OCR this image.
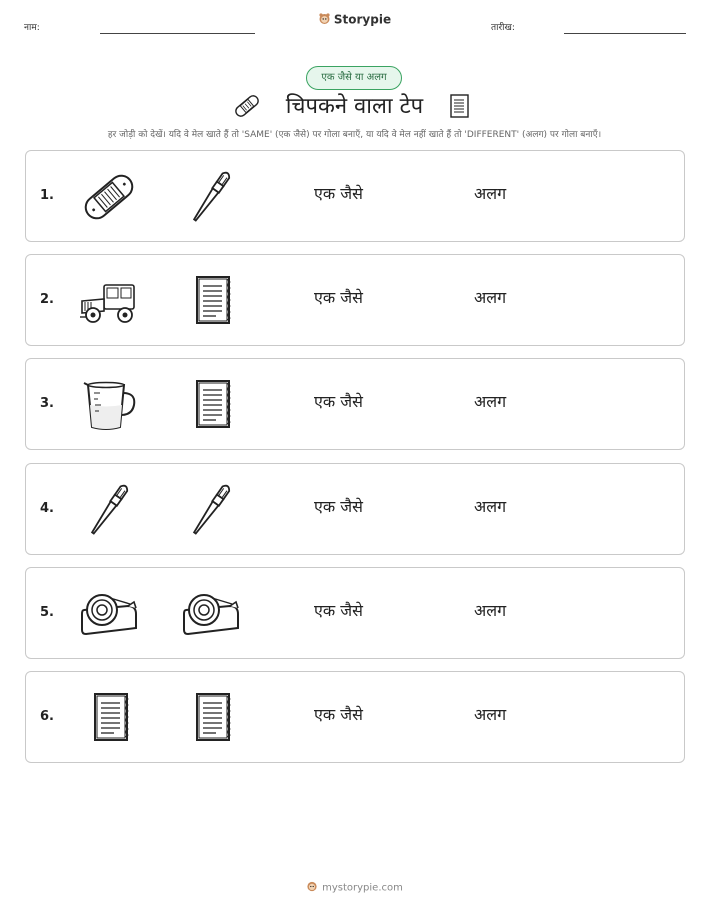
नाम:
Storypie
तारीख:
एक जैसे या अलग
चिपकने वाला टेप
हर जोड़ी को देखें। यदि वे मेल खाते हैं तो 'SAME' (एक जैसे) पर गोला बनाएँ, या यदि वे मेल नहीं खाते हैं तो 'DIFFERENT' (अलग) पर गोला बनाएँ।
1.	एक जैसे	अलग
2.	एक जैसे	अलग
3.	एक जैसे	अलग
4.	एक जैसे	अलग
5.	एक जैसे	अलग
6.	एक जैसे	अलग
mystorypie.com
